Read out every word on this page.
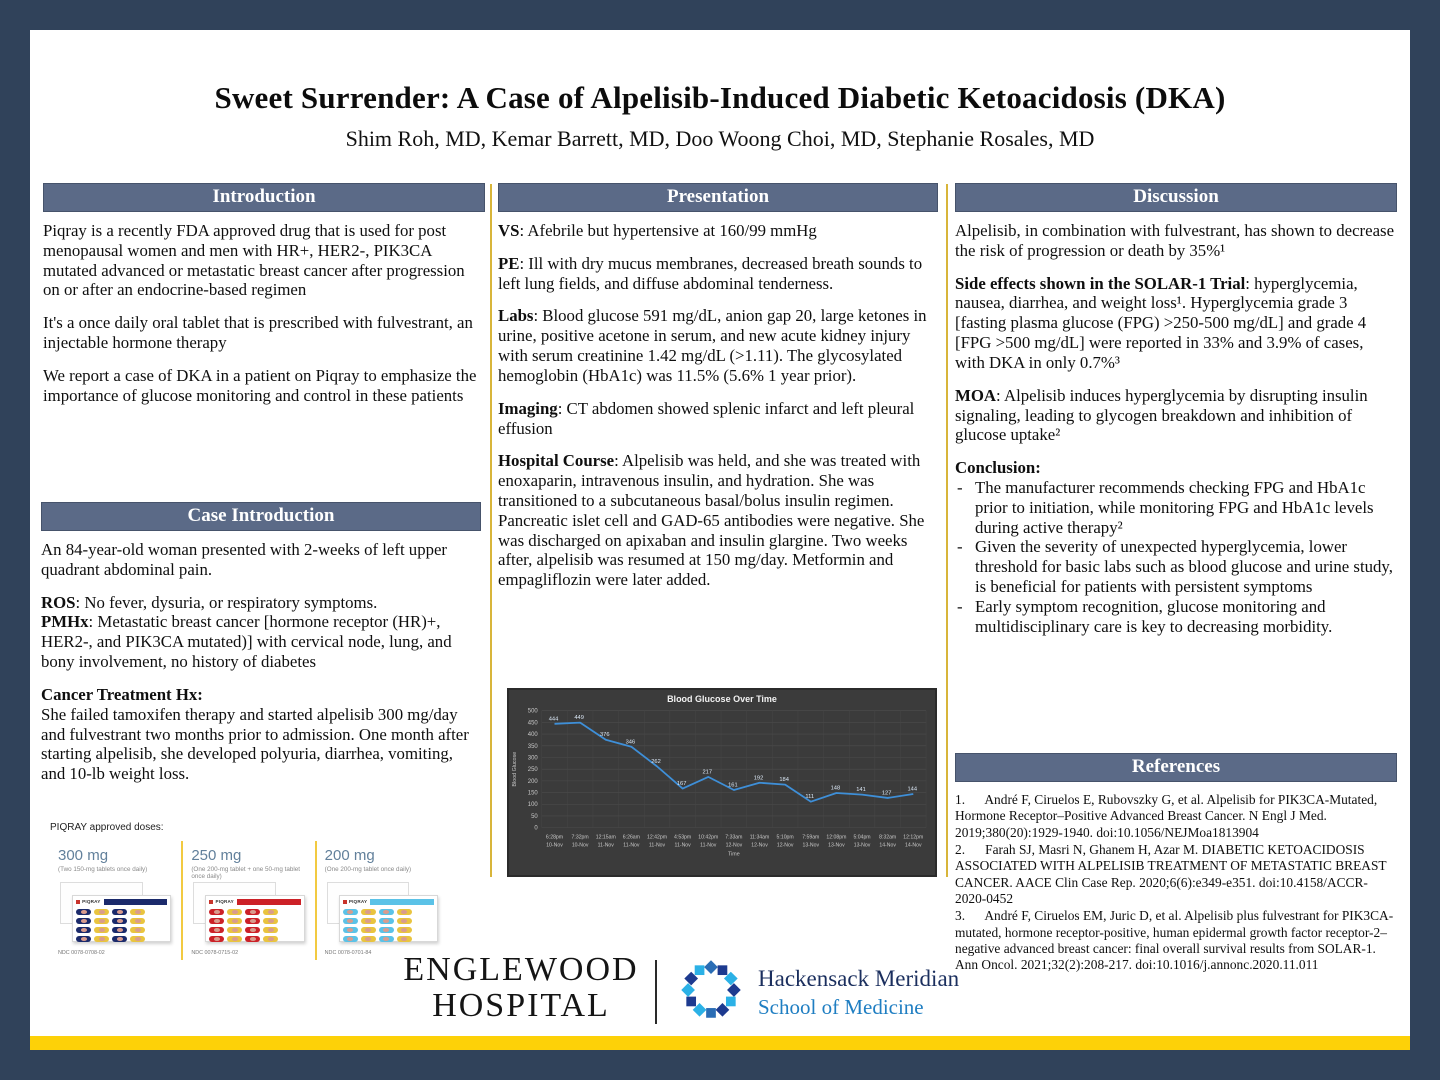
Sweet Surrender: A Case of Alpelisib-Induced Diabetic Ketoacidosis (DKA)
Shim Roh, MD, Kemar Barrett, MD, Doo Woong Choi, MD, Stephanie Rosales, MD
Introduction

Piqray is a recently FDA approved drug that is used for post menopausal women and men with HR+, HER2-, PIK3CA mutated advanced or metastatic breast cancer after progression on or after an endocrine-based regimen

It's a once daily oral tablet that is prescribed with fulvestrant, an injectable hormone therapy

We report a case of DKA in a patient on Piqray to emphasize the importance of glucose monitoring and control in these patients

Case Introduction

An 84-year-old woman presented with 2-weeks of left upper quadrant abdominal pain.

ROS: No fever, dysuria, or respiratory symptoms.

PMHx: Metastatic breast cancer [hormone receptor (HR)+, HER2-, and PIK3CA mutated)] with cervical node, lung, and bony involvement, no history of diabetes

Cancer Treatment Hx:

She failed tamoxifen therapy and started alpelisib 300 mg/day and fulvestrant two months prior to admission. One month after starting alpelisib, she developed polyuria, diarrhea, vomiting, and 10-lb weight loss.

PIQRAY approved doses:
300 mg
(Two 150-mg tablets once daily)
PIQRAY
NDC 0078-0708-02
250 mg
(One 200-mg tablet + one 50-mg tablet once daily)
PIQRAY
NDC 0078-0715-02
200 mg
(One 200-mg tablet once daily)
PIQRAY
NDC 0078-0701-84
Presentation

VS: Afebrile but hypertensive at 160/99 mmHg

PE: Ill with dry mucus membranes, decreased breath sounds to left lung fields, and diffuse abdominal tenderness.

Labs: Blood glucose 591 mg/dL, anion gap 20, large ketones in urine, positive acetone in serum, and new acute kidney injury with serum creatinine 1.42 mg/dL (>1.11). The glycosylated hemoglobin (HbA1c) was 11.5% (5.6% 1 year prior).

Imaging: CT abdomen showed splenic infarct and left pleural effusion

Hospital Course: Alpelisib was held, and she was treated with enoxaparin, intravenous insulin, and hydration. She was transitioned to a subcutaneous basal/bolus insulin regimen. Pancreatic islet cell and GAD-65 antibodies were negative. She was discharged on apixaban and insulin glargine. Two weeks after, alpelisib was resumed at 150 mg/day. Metformin and empagliflozin were later added.

Blood Glucose Over Time
0
50
100
150
200
250
300
350
400
450
500
444	449
376
346
262
167
217
161
192	184
111
148	141
127
144
6:28pm
10-Nov
7:32pm
10-Nov
12:15am
11-Nov
6:26am
11-Nov
12:42pm
11-Nov
4:53pm
11-Nov
10:42pm
11-Nov
7:33am
12-Nov
11:34am
12-Nov
5:10pm
12-Nov
7:59am
13-Nov
12:08pm
13-Nov
5:04pm
13-Nov
8:32am
14-Nov
12:12pm
14-Nov
Time
Blood Glucose
Discussion

Alpelisib, in combination with fulvestrant, has shown to decrease the risk of progression or death by 35%¹

Side effects shown in the SOLAR-1 Trial: hyperglycemia, nausea, diarrhea, and weight loss¹. Hyperglycemia grade 3 [fasting plasma glucose (FPG) >250-500 mg/dL] and grade 4 [FPG >500 mg/dL] were reported in 33% and 3.9% of cases, with DKA in only 0.7%³

MOA: Alpelisib induces hyperglycemia by disrupting insulin signaling, leading to glycogen breakdown and inhibition of glucose uptake²

Conclusion:

- The manufacturer recommends checking FPG and HbA1c prior to initiation, while monitoring FPG and HbA1c levels during active therapy²
- Given the severity of unexpected hyperglycemia, lower threshold for basic labs such as blood glucose and urine study, is beneficial for patients with persistent symptoms
- Early symptom recognition, glucose monitoring and multidisciplinary care is key to decreasing morbidity.
References
1.      André F, Ciruelos E, Rubovszky G, et al. Alpelisib for PIK3CA-Mutated, Hormone Receptor–Positive Advanced Breast Cancer. N Engl J Med. 2019;380(20):1929-1940. doi:10.1056/NEJMoa1813904
2.      Farah SJ, Masri N, Ghanem H, Azar M. DIABETIC KETOACIDOSIS ASSOCIATED WITH ALPELISIB TREATMENT OF METASTATIC BREAST CANCER. AACE Clin Case Rep. 2020;6(6):e349-e351. doi:10.4158/ACCR-2020-0452
3.      André F, Ciruelos EM, Juric D, et al. Alpelisib plus fulvestrant for PIK3CA-mutated, hormone receptor-positive, human epidermal growth factor receptor-2–negative advanced breast cancer: final overall survival results from SOLAR-1. Ann Oncol. 2021;32(2):208-217. doi:10.1016/j.annonc.2020.11.011
ENGLEWOOD
HOSPITAL
Hackensack Meridian
School of Medicine
